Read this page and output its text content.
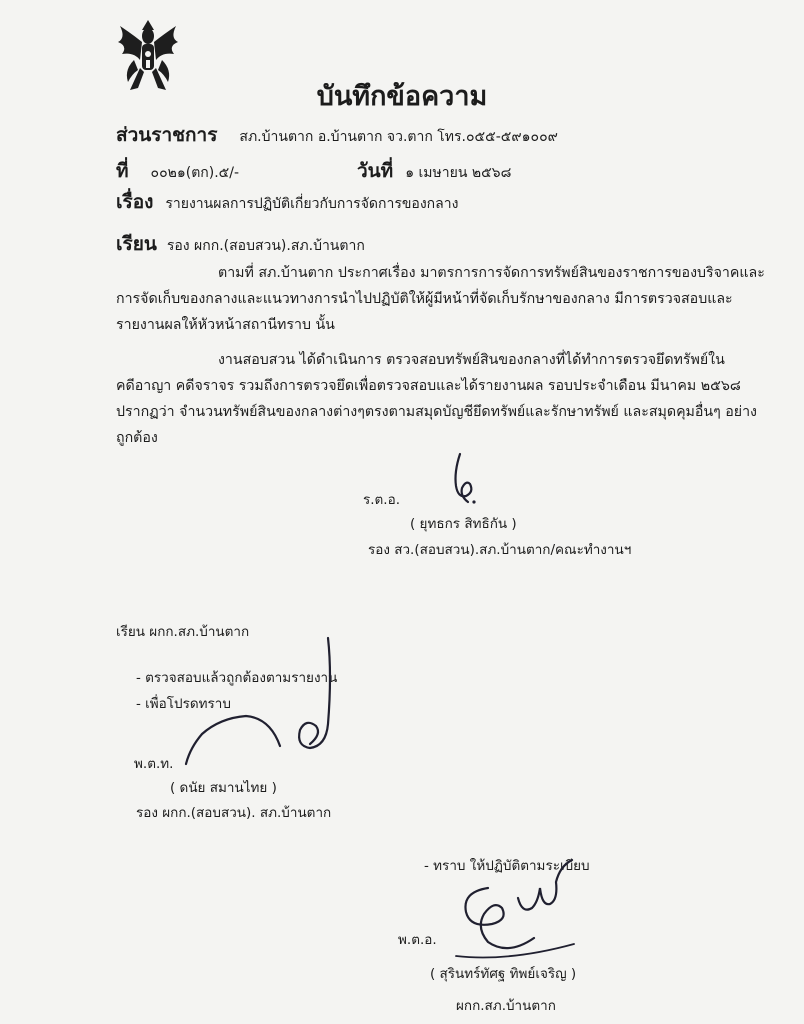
บันทึกข้อความ
ส่วนราชการ สภ.บ้านตาก อ.บ้านตาก จว.ตาก โทร.๐๕๕-๕๙๑๐๐๙
ที่ ๐๐๒๑(ตก).๕/-	วันที่ ๑ เมษายน ๒๕๖๘
เรื่อง รายงานผลการปฏิบัติเกี่ยวกับการจัดการของกลาง
เรียน รอง ผกก.(สอบสวน).สภ.บ้านตาก
ตามที่ สภ.บ้านตาก ประกาศเรื่อง มาตรการการจัดการทรัพย์สินของราชการของบริจาคและ
การจัดเก็บของกลางและแนวทางการนำไปปฏิบัติให้ผู้มีหน้าที่จัดเก็บรักษาของกลาง มีการตรวจสอบและ
รายงานผลให้หัวหน้าสถานีทราบ นั้น
งานสอบสวน ได้ดำเนินการ ตรวจสอบทรัพย์สินของกลางที่ได้ทำการตรวจยึดทรัพย์ใน
คดีอาญา คดีจราจร รวมถึงการตรวจยึดเพื่อตรวจสอบและได้รายงานผล รอบประจำเดือน มีนาคม ๒๕๖๘
ปรากฏว่า จำนวนทรัพย์สินของกลางต่างๆตรงตามสมุดบัญชียึดทรัพย์และรักษาทรัพย์ และสมุดคุมอื่นๆ อย่าง
ถูกต้อง
ร.ต.อ.
( ยุทธกร สิทธิกัน )
รอง สว.(สอบสวน).สภ.บ้านตาก/คณะทำงานฯ
เรียน ผกก.สภ.บ้านตาก
- ตรวจสอบแล้วถูกต้องตามรายงาน
- เพื่อโปรดทราบ
พ.ต.ท.
( ดนัย สมานไทย )
รอง ผกก.(สอบสวน). สภ.บ้านตาก
- ทราบ ให้ปฏิบัติตามระเบียบ
พ.ต.อ.
( สุรินทร์ทัศฐ ทิพย์เจริญ )
ผกก.สภ.บ้านตาก
